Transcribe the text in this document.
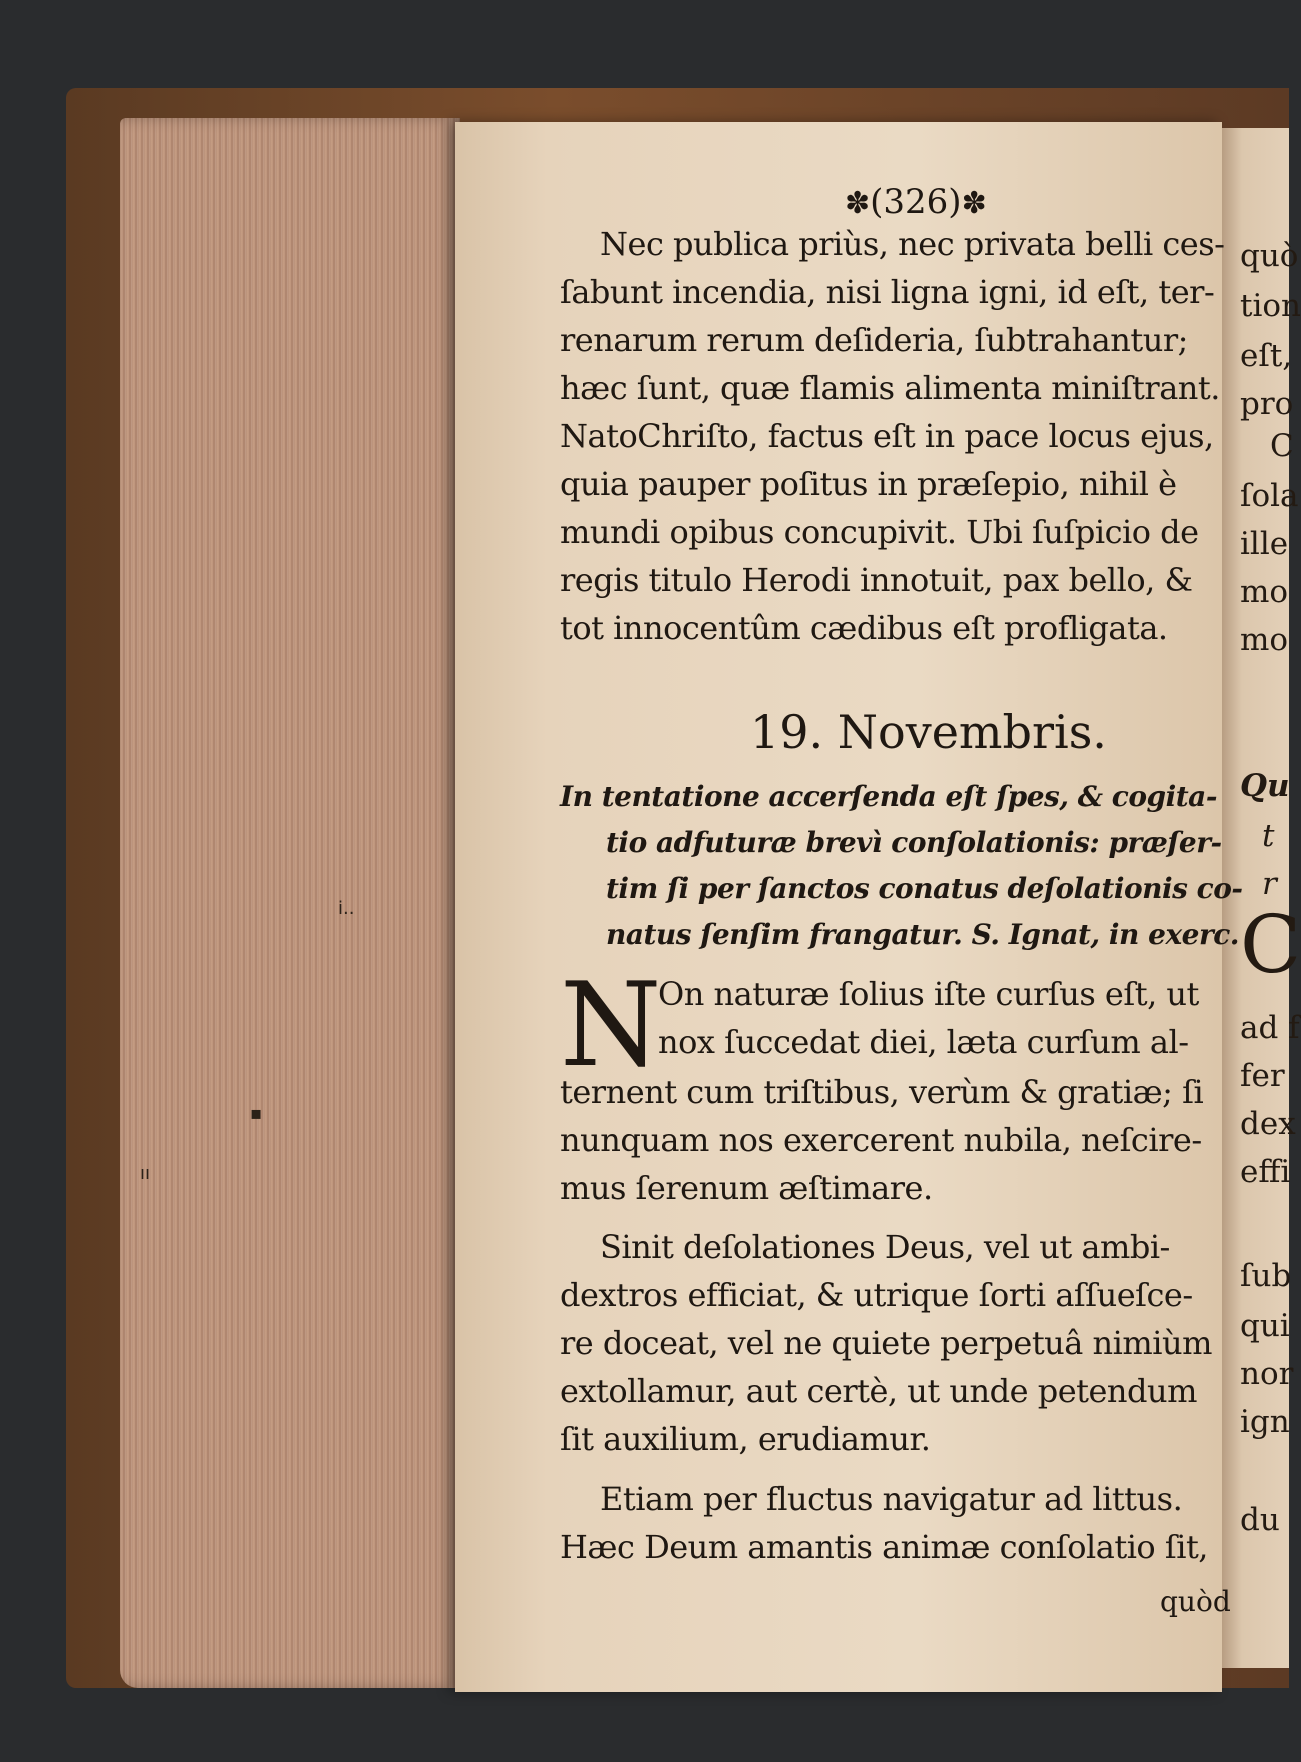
i..
▪
ıı
quò
tion
eſt,
pro
C
ſola
ille
mo
mo
Qu
t
r
C
ad f
fer
dex
effi
ſub
qui
nor
ign
du
✽(326)✽
Nec publica priùs, nec privata belli ces-
ſabunt incendia, nisi ligna igni, id eſt, ter-
renarum rerum deſideria, ſubtrahantur;
hæc ſunt, quæ flamis alimenta miniſtrant.
NatoChriſto, factus eſt in pace locus ejus,
quia pauper poſitus in præſepio, nihil è
mundi opibus concupivit. Ubi ſuſpicio de
regis titulo Herodi innotuit, pax bello, &
tot innocentûm cædibus eſt profligata.
19. Novembris.
In tentatione accerſenda eſt ſpes, & cogita-
tio adfuturæ brevì conſolationis: præſer-
tim ſi per ſanctos conatus deſolationis co-
natus ſenſim frangatur. S. Ignat, in exerc.
N
On naturæ ſolius iſte curſus eſt, ut
nox ſuccedat diei, læta curſum al-
ternent cum triſtibus, verùm & gratiæ; ſi
nunquam nos exercerent nubila, neſcire-
mus ſerenum æſtimare.
Sinit deſolationes Deus, vel ut ambi-
dextros efficiat, & utrique ſorti aſſueſce-
re doceat, vel ne quiete perpetuâ nimiùm
extollamur, aut certè, ut unde petendum
ſit auxilium, erudiamur.
Etiam per fluctus navigatur ad littus.
Hæc Deum amantis animæ conſolatio ſit,
quòd
